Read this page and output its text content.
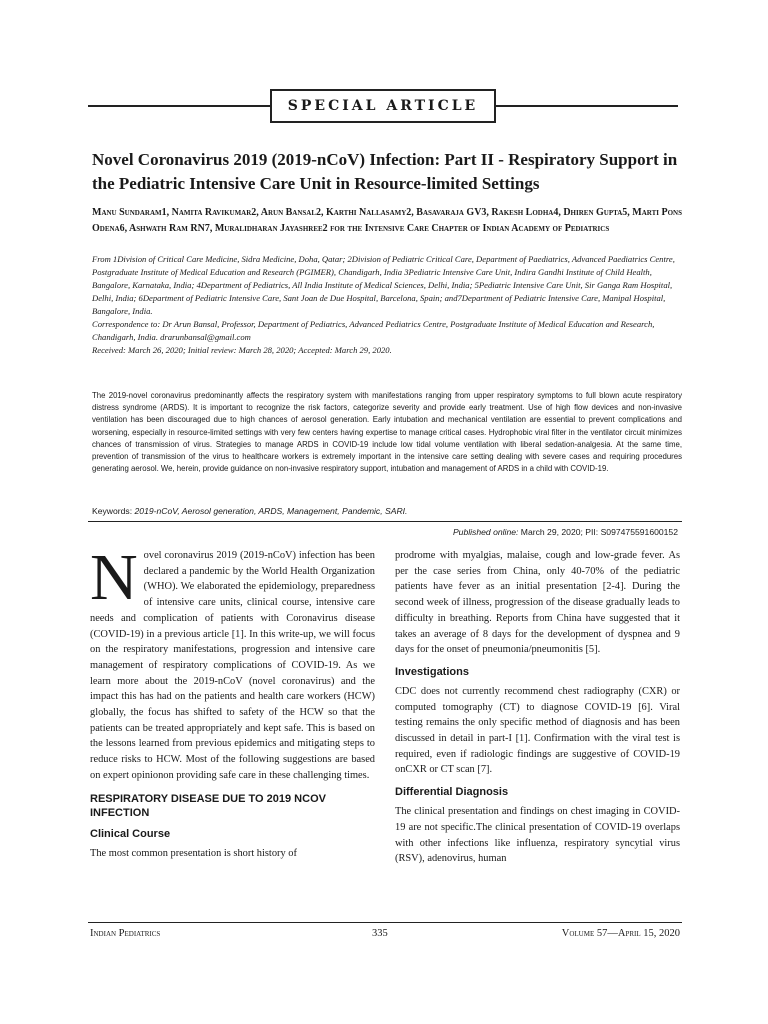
SPECIAL ARTICLE
Novel Coronavirus 2019 (2019-nCoV) Infection: Part II - Respiratory Support in the Pediatric Intensive Care Unit in Resource-limited Settings
Manu Sundaram1, Namita Ravikumar2, Arun Bansal2, Karthi Nallasamy2, Basavaraja GV3, Rakesh Lodha4, Dhiren Gupta5, Marti Pons Odena6, Ashwath Ram RN7, Muralidharan Jayashree2 for the Intensive Care Chapter of Indian Academy of Pediatrics
From 1Division of Critical Care Medicine, Sidra Medicine, Doha, Qatar; 2Division of Pediatric Critical Care, Department of Paediatrics, Advanced Paediatrics Centre, Postgraduate Institute of Medical Education and Research (PGIMER), Chandigarh, India 3Pediatric Intensive Care Unit, Indira Gandhi Institute of Child Health, Bangalore, Karnataka, India; 4Department of Pediatrics, All India Institute of Medical Sciences, Delhi, India; 5Pediatric Intensive Care Unit, Sir Ganga Ram Hospital, Delhi, India; 6Department of Pediatric Intensive Care, Sant Joan de Due Hospital, Barcelona, Spain; and7Department of Pediatric Intensive Care, Manipal Hospital, Bangalore, India.
Correspondence to: Dr Arun Bansal, Professor, Department of Pediatrics, Advanced Pediatrics Centre, Postgraduate Institute of Medical Education and Research, Chandigarh, India. drarunbansal@gmail.com
Received: March 26, 2020; Initial review: March 28, 2020; Accepted: March 29, 2020.
The 2019-novel coronavirus predominantly affects the respiratory system with manifestations ranging from upper respiratory symptoms to full blown acute respiratory distress syndrome (ARDS). It is important to recognize the risk factors, categorize severity and provide early treatment. Use of high flow devices and non-invasive ventilation has been discouraged due to high chances of aerosol generation. Early intubation and mechanical ventilation are essential to prevent complications and worsening, especially in resource-limited settings with very few centers having expertise to manage critical cases. Hydrophobic viral filter in the ventilator circuit minimizes chances of transmission of virus. Strategies to manage ARDS in COVID-19 include low tidal volume ventilation with liberal sedation-analgesia. At the same time, prevention of transmission of the virus to healthcare workers is extremely important in the intensive care setting dealing with severe cases and requiring procedures generating aerosol. We, herein, provide guidance on non-invasive respiratory support, intubation and management of ARDS in a child with COVID-19.
Keywords: 2019-nCoV, Aerosol generation, ARDS, Management, Pandemic, SARI.
Published online: March 29, 2020; PII: S097475591600152

N ovel coronavirus 2019 (2019-nCoV) infection has been declared a pandemic by the World Health Organization (WHO). We elaborated the epidemiology, preparedness of intensive care units, clinical course, intensive care needs and complication of patients with Coronavirus disease (COVID-19) in a previous article [1]. In this write-up, we will focus on the respiratory manifestations, progression and intensive care management of respiratory complications of COVID-19. As we learn more about the 2019-nCoV (novel coronavirus) and the impact this has had on the patients and health care workers (HCW) globally, the focus has shifted to safety of the HCW so that the patients can be treated appropriately and kept safe. This is based on the lessons learned from previous epidemics and mitigating steps to reduce risks to HCW. Most of the following suggestions are based on expert opinionon providing safe care in these challenging times.

RESPIRATORY DISEASE DUE TO 2019 NCOV INFECTION
Clinical Course

The most common presentation is short history of

prodrome with myalgias, malaise, cough and low-grade fever. As per the case series from China, only 40-70% of the pediatric patients have fever as an initial presentation [2-4]. During the second week of illness, progression of the disease gradually leads to difficulty in breathing. Reports from China have suggested that it takes an average of 8 days for the development of dyspnea and 9 days for the onset of pneumonia/pneumonitis [5].

Investigations

CDC does not currently recommend chest radiography (CXR) or computed tomography (CT) to diagnose COVID-19 [6]. Viral testing remains the only specific method of diagnosis and has been discussed in detail in part-I [1]. Confirmation with the viral test is required, even if radiologic findings are suggestive of COVID-19 onCXR or CT scan [7].

Differential Diagnosis

The clinical presentation and findings on chest imaging in COVID-19 are not specific.The clinical presentation of COVID-19 overlaps with other infections like influenza, respiratory syncytial virus (RSV), adenovirus, human

Indian Pediatrics	335	Volume 57—April 15, 2020
